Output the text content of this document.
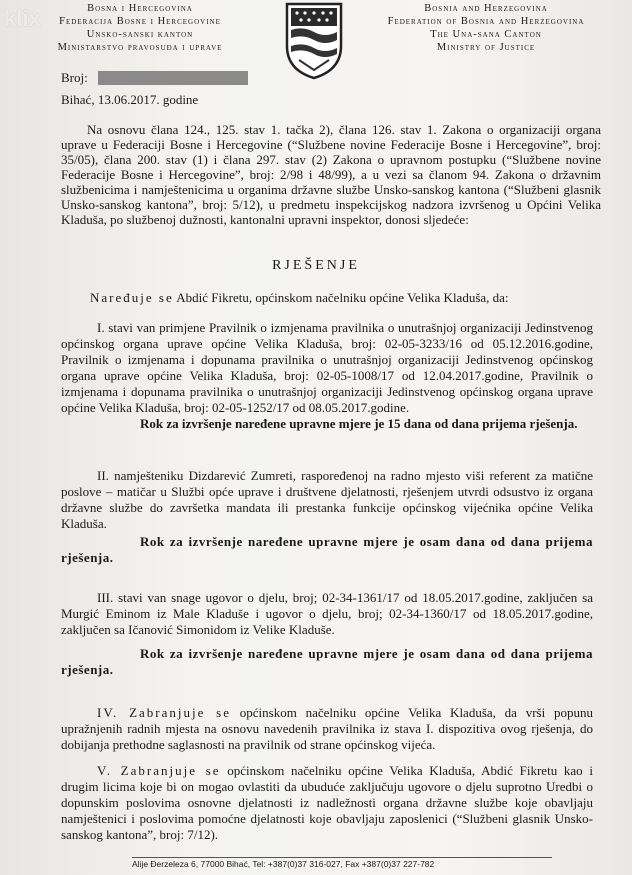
klix	Bosna i Hercegovina
Federacija Bosne i Hercegovine
Unsko-sanski kanton
Ministarstvo pravosuđa i uprave
Bosnia and Herzegovina
Federation of Bosnia and Herzegovina
The Una-sana Canton
Ministry of Justice
Broj:
Bihać, 13.06.2017. godine

Na osnovu člana 124., 125. stav 1. tačka 2), člana 126. stav 1. Zakona o organizaciji organa uprave u Federaciji Bosne i Hercegovine (“Službene novine Federacije Bosne i Hercegovine”, broj: 35/05), člana 200. stav (1) i člana 297. stav (2) Zakona o upravnom postupku (“Službene novine Federacije Bosne i Hercegovine”, broj: 2/98 i 48/99), a u vezi sa članom 94. Zakona o državnim službenicima i namještenicima u organima državne službe Unsko-sanskog kantona (“Službeni glasnik Unsko-sanskog kantona”, broj: 5/12), u predmetu inspekcijskog nadzora izvršenog u Općini Velika Kladuša, po službenoj dužnosti, kantonalni upravni inspektor, donosi sljedeće:

RJEŠENJE
Naređuje se Abdić Fikretu, općinskom načelniku općine Velika Kladuša, da:

I. stavi van primjene Pravilnik o izmjenama pravilnika o unutrašnjoj organizaciji Jedinstvenog općinskog organa uprave općine Velika Kladuša, broj: 02-05-3233/16 od 05.12.2016.godine, Pravilnik o izmjenama i dopunama pravilnika o unutrašnjoj organizaciji Jedinstvenog općinskog organa uprave općine Velika Kladuša, broj: 02-05-1008/17 od 12.04.2017.godine, Pravilnik o izmjenama i dopunama pravilnika o unutrašnjoj organizaciji Jedinstvenog općinskog organa uprave općine Velika Kladuša, broj: 02-05-1252/17 od 08.05.2017.godine.

Rok za izvršenje naređene upravne mjere je 15 dana od dana prijema rješenja.

II. namješteniku Dizdarević Zumreti, raspoređenoj na radno mjesto viši referent za matične poslove – matičar u Službi opće uprave i društvene djelatnosti, rješenjem utvrdi odsustvo iz organa državne službe do završetka mandata ili prestanka funkcije općinskog vijećnika općine Velika Kladuša.

Rok za izvršenje naređene upravne mjere je osam dana od dana prijema rješenja.

III. stavi van snage ugovor o djelu, broj; 02-34-1361/17 od 18.05.2017.godine, zaključen sa Murgić Eminom iz Male Kladuše i ugovor o djelu, broj; 02-34-1360/17 od 18.05.2017.godine, zaključen sa Ičanović Simonidom iz Velike Kladuše.

Rok za izvršenje naređene upravne mjere je osam dana od dana prijema rješenja.

IV. Zabranjuje se općinskom načelniku općine Velika Kladuša, da vrši popunu upražnjenih radnih mjesta na osnovu navedenih pravilnika iz stava I. dispozitiva ovog rješenja, do dobijanja prethodne saglasnosti na pravilnik od strane općinskog vijeća.

V. Zabranjuje se općinskom načelniku općine Velika Kladuša, Abdić Fikretu kao i drugim licima koje bi on mogao ovlastiti da ubuduće zaključuju ugovore o djelu suprotno Uredbi o dopunskim poslovima osnovne djelatnosti iz nadležnosti organa državne službe koje obavljaju namještenici i poslovima pomoćne djelatnosti koje obavljaju zaposlenici (“Službeni glasnik Unsko-sanskog kantona”, broj: 7/12).

Alije Đerzeleza 6, 77000 Bihać, Tel: +387(0)37 316-027, Fax +387(0)37 227-782
